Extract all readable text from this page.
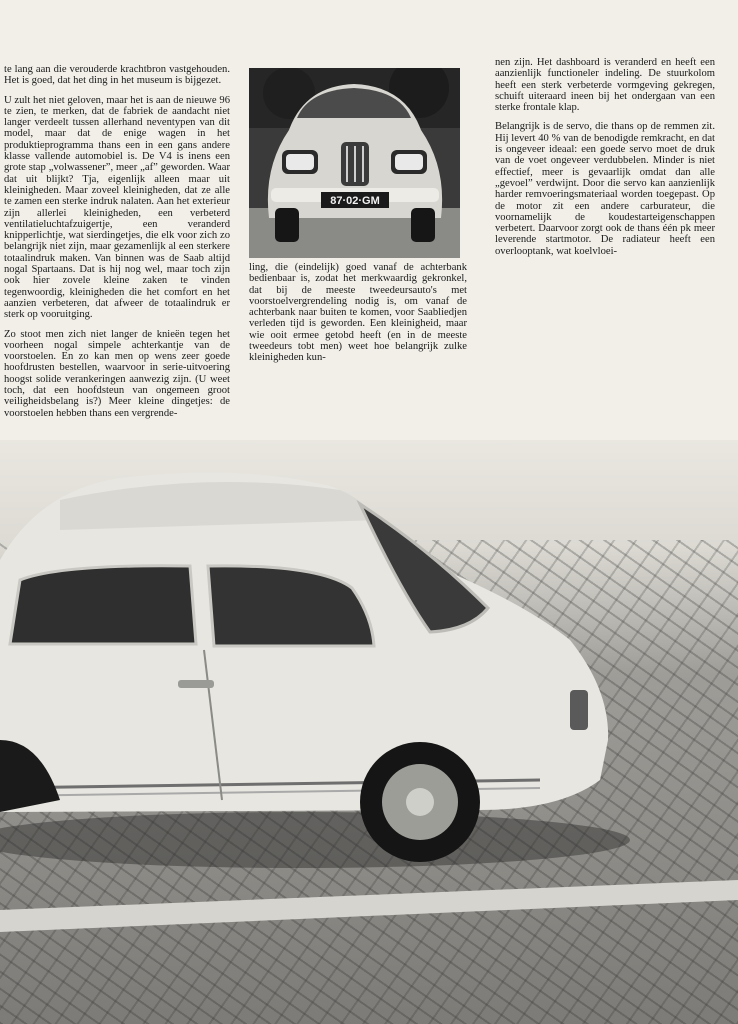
te lang aan die verouderde krachtbron vastgehouden. Het is goed, dat het ding in het museum is bijgezet.

U zult het niet geloven, maar het is aan de nieuwe 96 te zien, te merken, dat de fabriek de aandacht niet langer verdeelt tussen allerhand neventypen van dit model, maar dat de enige wagen in het produktieprogramma thans een in een gans andere klasse vallende automobiel is. De V4 is inens een grote stap „volwassener”, meer „af” geworden. Waar dat uit blijkt? Tja, eigenlijk alleen maar uit kleinigheden. Maar zoveel kleinigheden, dat ze alle te zamen een sterke indruk nalaten. Aan het exterieur zijn allerlei kleinigheden, een verbeterd ventilatieluchtafzuigertje, een veranderd knipperlichtje, wat sierdingetjes, die elk voor zich zo belangrijk niet zijn, maar gezamenlijk al een sterkere totaalindruk maken. Van binnen was de Saab altijd nogal Spartaans. Dat is hij nog wel, maar toch zijn ook hier zovele kleine zaken te vinden tegenwoordig, kleinigheden die het comfort en het aanzien verbeteren, dat afweer de totaalindruk er sterk op vooruitging.

Zo stoot men zich niet langer de knieën tegen het voorheen nogal simpele achterkantje van de voorstoelen. En zo kan men op wens zeer goede hoofdrusten bestellen, waarvoor in serie-uitvoering hoogst solide verankeringen aanwezig zijn. (U weet toch, dat een hoofdsteun van ongemeen groot veiligheidsbelang is?) Meer kleine dingetjes: de voorstoelen hebben thans een vergrende-

87·02·GM

ling, die (eindelijk) goed vanaf de achterbank bedienbaar is, zodat het merkwaardig gekronkel, dat bij de meeste tweedeursauto's met voorstoelvergrendeling nodig is, om vanaf de achterbank naar buiten te komen, voor Saabliedjen verleden tijd is geworden. Een kleinigheid, maar wie ooit ermee getobd heeft (en in de meeste tweedeurs tobt men) weet hoe belangrijk zulke kleinigheden kun-

nen zijn. Het dashboard is veranderd en heeft een aanzienlijk functioneler indeling. De stuurkolom heeft een sterk verbeterde vormgeving gekregen, schuift uiteraard ineen bij het ondergaan van een sterke frontale klap.

Belangrijk is de servo, die thans op de remmen zit. Hij levert 40 % van de benodigde remkracht, en dat is ongeveer ideaal: een goede servo moet de druk van de voet ongeveer verdubbelen. Minder is niet effectief, meer is gevaarlijk omdat dan alle „gevoel” verdwijnt. Door die servo kan aanzienlijk harder remvoeringsmateriaal worden toegepast. Op de motor zit een andere carburateur, die voornamelijk de koudestarteigenschappen verbetert. Daarvoor zorgt ook de thans één pk meer leverende startmotor. De radiateur heeft een overlooptank, wat koelvloei-
